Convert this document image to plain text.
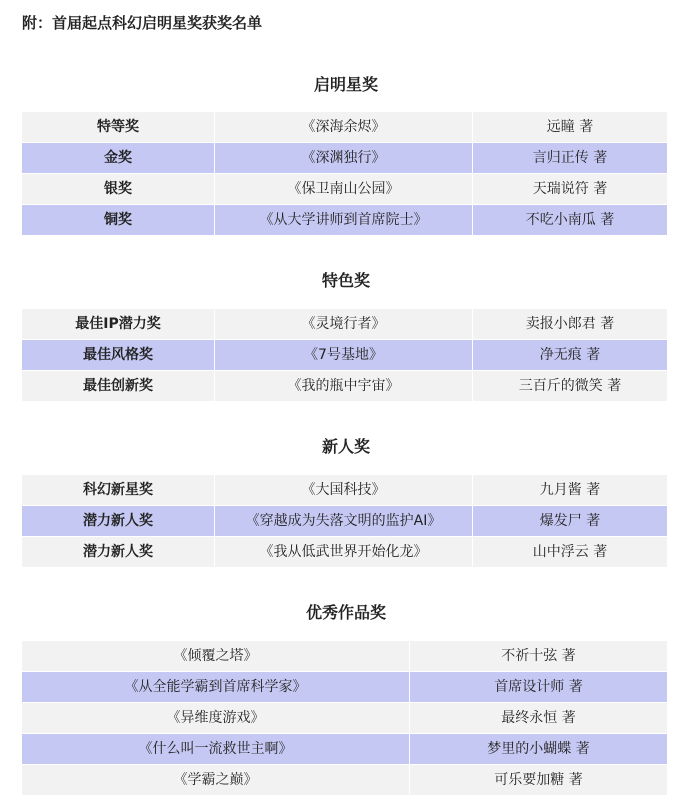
附：首届起点科幻启明星奖获奖名单
启明星奖
特等奖	《深海余烬》	远瞳 著
金奖	《深渊独行》	言归正传 著
银奖	《保卫南山公园》	天瑞说符 著
铜奖	《从大学讲师到首席院士》	不吃小南瓜 著
特色奖
最佳IP潜力奖	《灵境行者》	卖报小郎君 著
最佳风格奖	《7号基地》	净无痕 著
最佳创新奖	《我的瓶中宇宙》	三百斤的微笑 著
新人奖
科幻新星奖	《大国科技》	九月酱 著
潜力新人奖	《穿越成为失落文明的监护AI》	爆发尸 著
潜力新人奖	《我从低武世界开始化龙》	山中浮云 著
优秀作品奖
《倾覆之塔》	不祈十弦 著
《从全能学霸到首席科学家》	首席设计师 著
《异维度游戏》	最终永恒 著
《什么叫一流救世主啊》	梦里的小蝴蝶 著
《学霸之巅》	可乐要加糖 著
